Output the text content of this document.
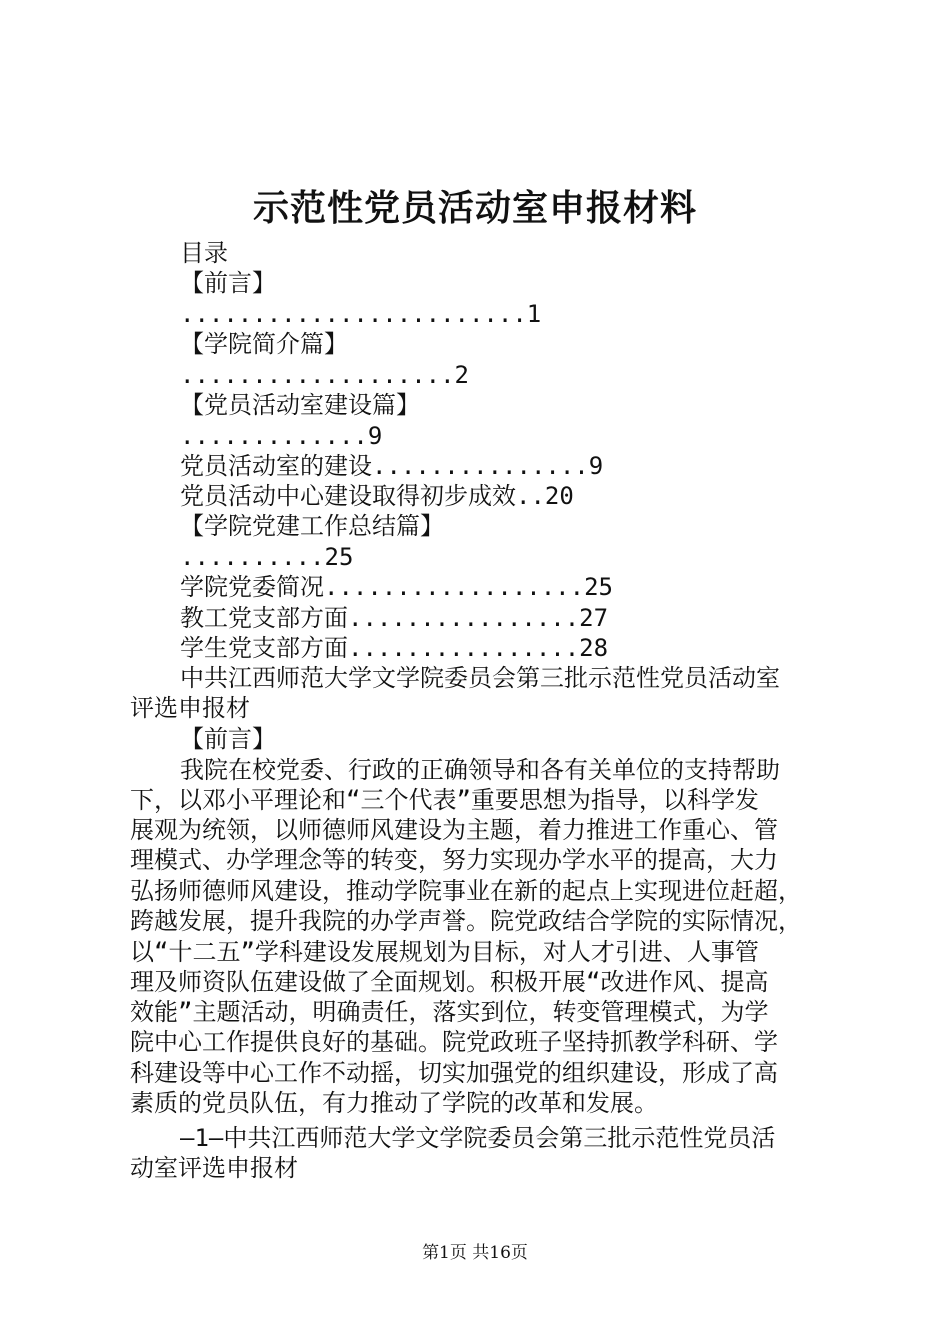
示范性党员活动室申报材料
目录
【前言】
........................1
【学院简介篇】
...................2
【党员活动室建设篇】
.............9
党员活动室的建设...............9
党员活动中心建设取得初步成效..20
【学院党建工作总结篇】
..........25
学院党委简况..................25
教工党支部方面................27
学生党支部方面................28
中共江西师范大学文学院委员会第三批示范性党员活动室
评选申报材
【前言】
我院在校党委、行政的正确领导和各有关单位的支持帮助
下，以邓小平理论和“三个代表”重要思想为指导，以科学发
展观为统领，以师德师风建设为主题，着力推进工作重心、管
理模式、办学理念等的转变，努力实现办学水平的提高，大力
弘扬师德师风建设，推动学院事业在新的起点上实现进位赶超，
跨越发展，提升我院的办学声誉。院党政结合学院的实际情况，
以“十二五”学科建设发展规划为目标，对人才引进、人事管
理及师资队伍建设做了全面规划。积极开展“改进作风、提高
效能”主题活动，明确责任，落实到位，转变管理模式，为学
院中心工作提供良好的基础。院党政班子坚持抓教学科研、学
科建设等中心工作不动摇，切实加强党的组织建设，形成了高
素质的党员队伍，有力推动了学院的改革和发展。
—1—中共江西师范大学文学院委员会第三批示范性党员活
动室评选申报材
第1页 共16页
